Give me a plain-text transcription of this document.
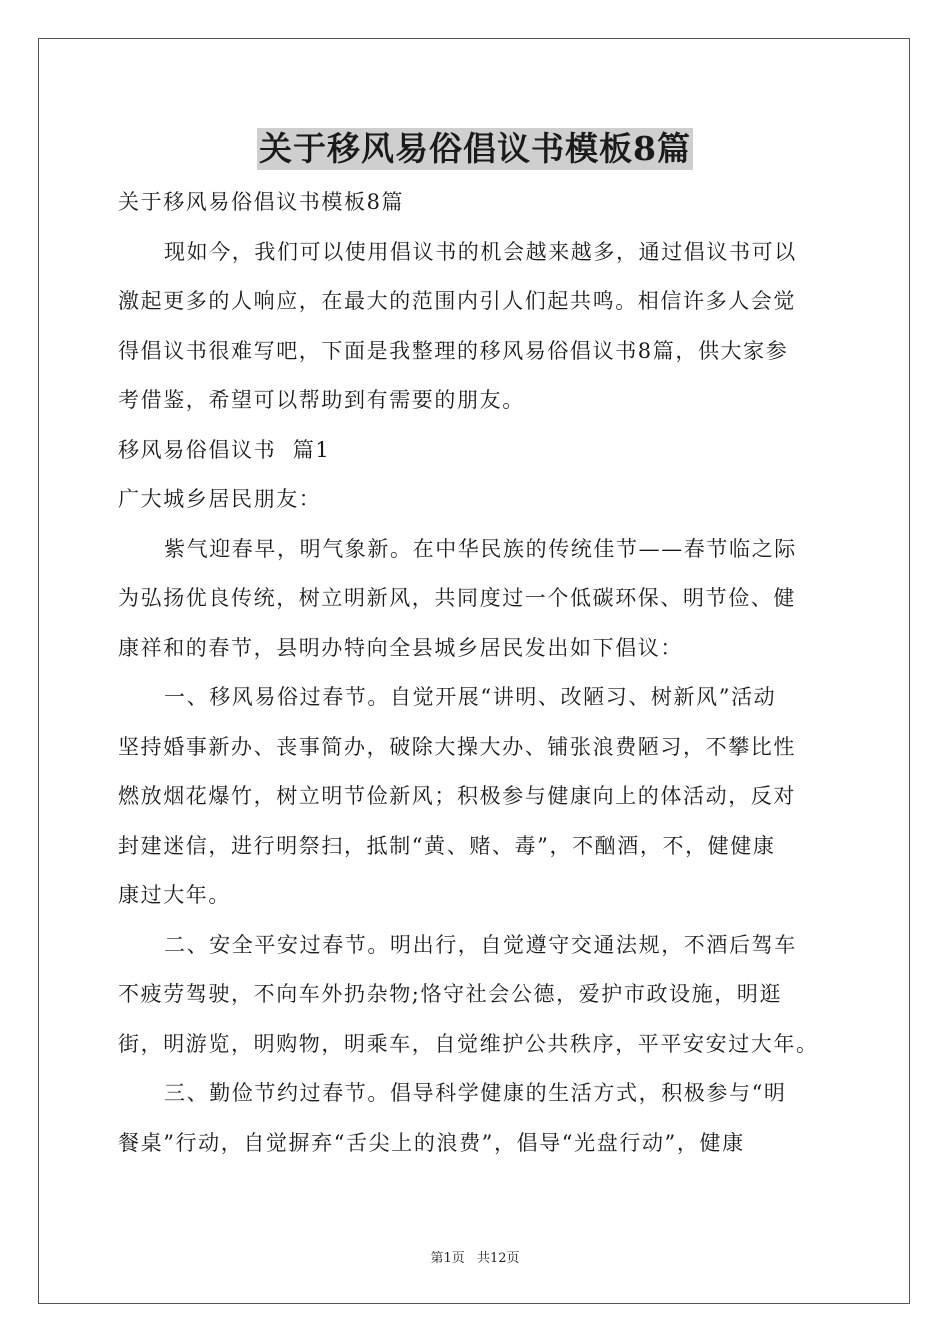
关于移风易俗倡议书模板8篇
关于移风易俗倡议书模板8篇
现如今，我们可以使用倡议书的机会越来越多，通过倡议书可以
激起更多的人响应，在最大的范围内引人们起共鸣。相信许多人会觉
得倡议书很难写吧，下面是我整理的移风易俗倡议书8篇，供大家参
考借鉴，希望可以帮助到有需要的朋友。
移风易俗倡议书  篇1
广大城乡居民朋友：
紫气迎春早，明气象新。在中华民族的传统佳节——春节临之际
为弘扬优良传统，树立明新风，共同度过一个低碳环保、明节俭、健
康祥和的春节，县明办特向全县城乡居民发出如下倡议：
一、移风易俗过春节。自觉开展“讲明、改陋习、树新风”活动
坚持婚事新办、丧事简办，破除大操大办、铺张浪费陋习，不攀比性
燃放烟花爆竹，树立明节俭新风；积极参与健康向上的体活动，反对
封建迷信，进行明祭扫，抵制“黄、赌、毒”，不酗酒，不，健健康
康过大年。
二、安全平安过春节。明出行，自觉遵守交通法规，不酒后驾车
不疲劳驾驶，不向车外扔杂物;恪守社会公德，爱护市政设施，明逛
街，明游览，明购物，明乘车，自觉维护公共秩序，平平安安过大年。
三、勤俭节约过春节。倡导科学健康的生活方式，积极参与“明
餐桌”行动，自觉摒弃“舌尖上的浪费”，倡导“光盘行动”，健康
第1页 共12页
